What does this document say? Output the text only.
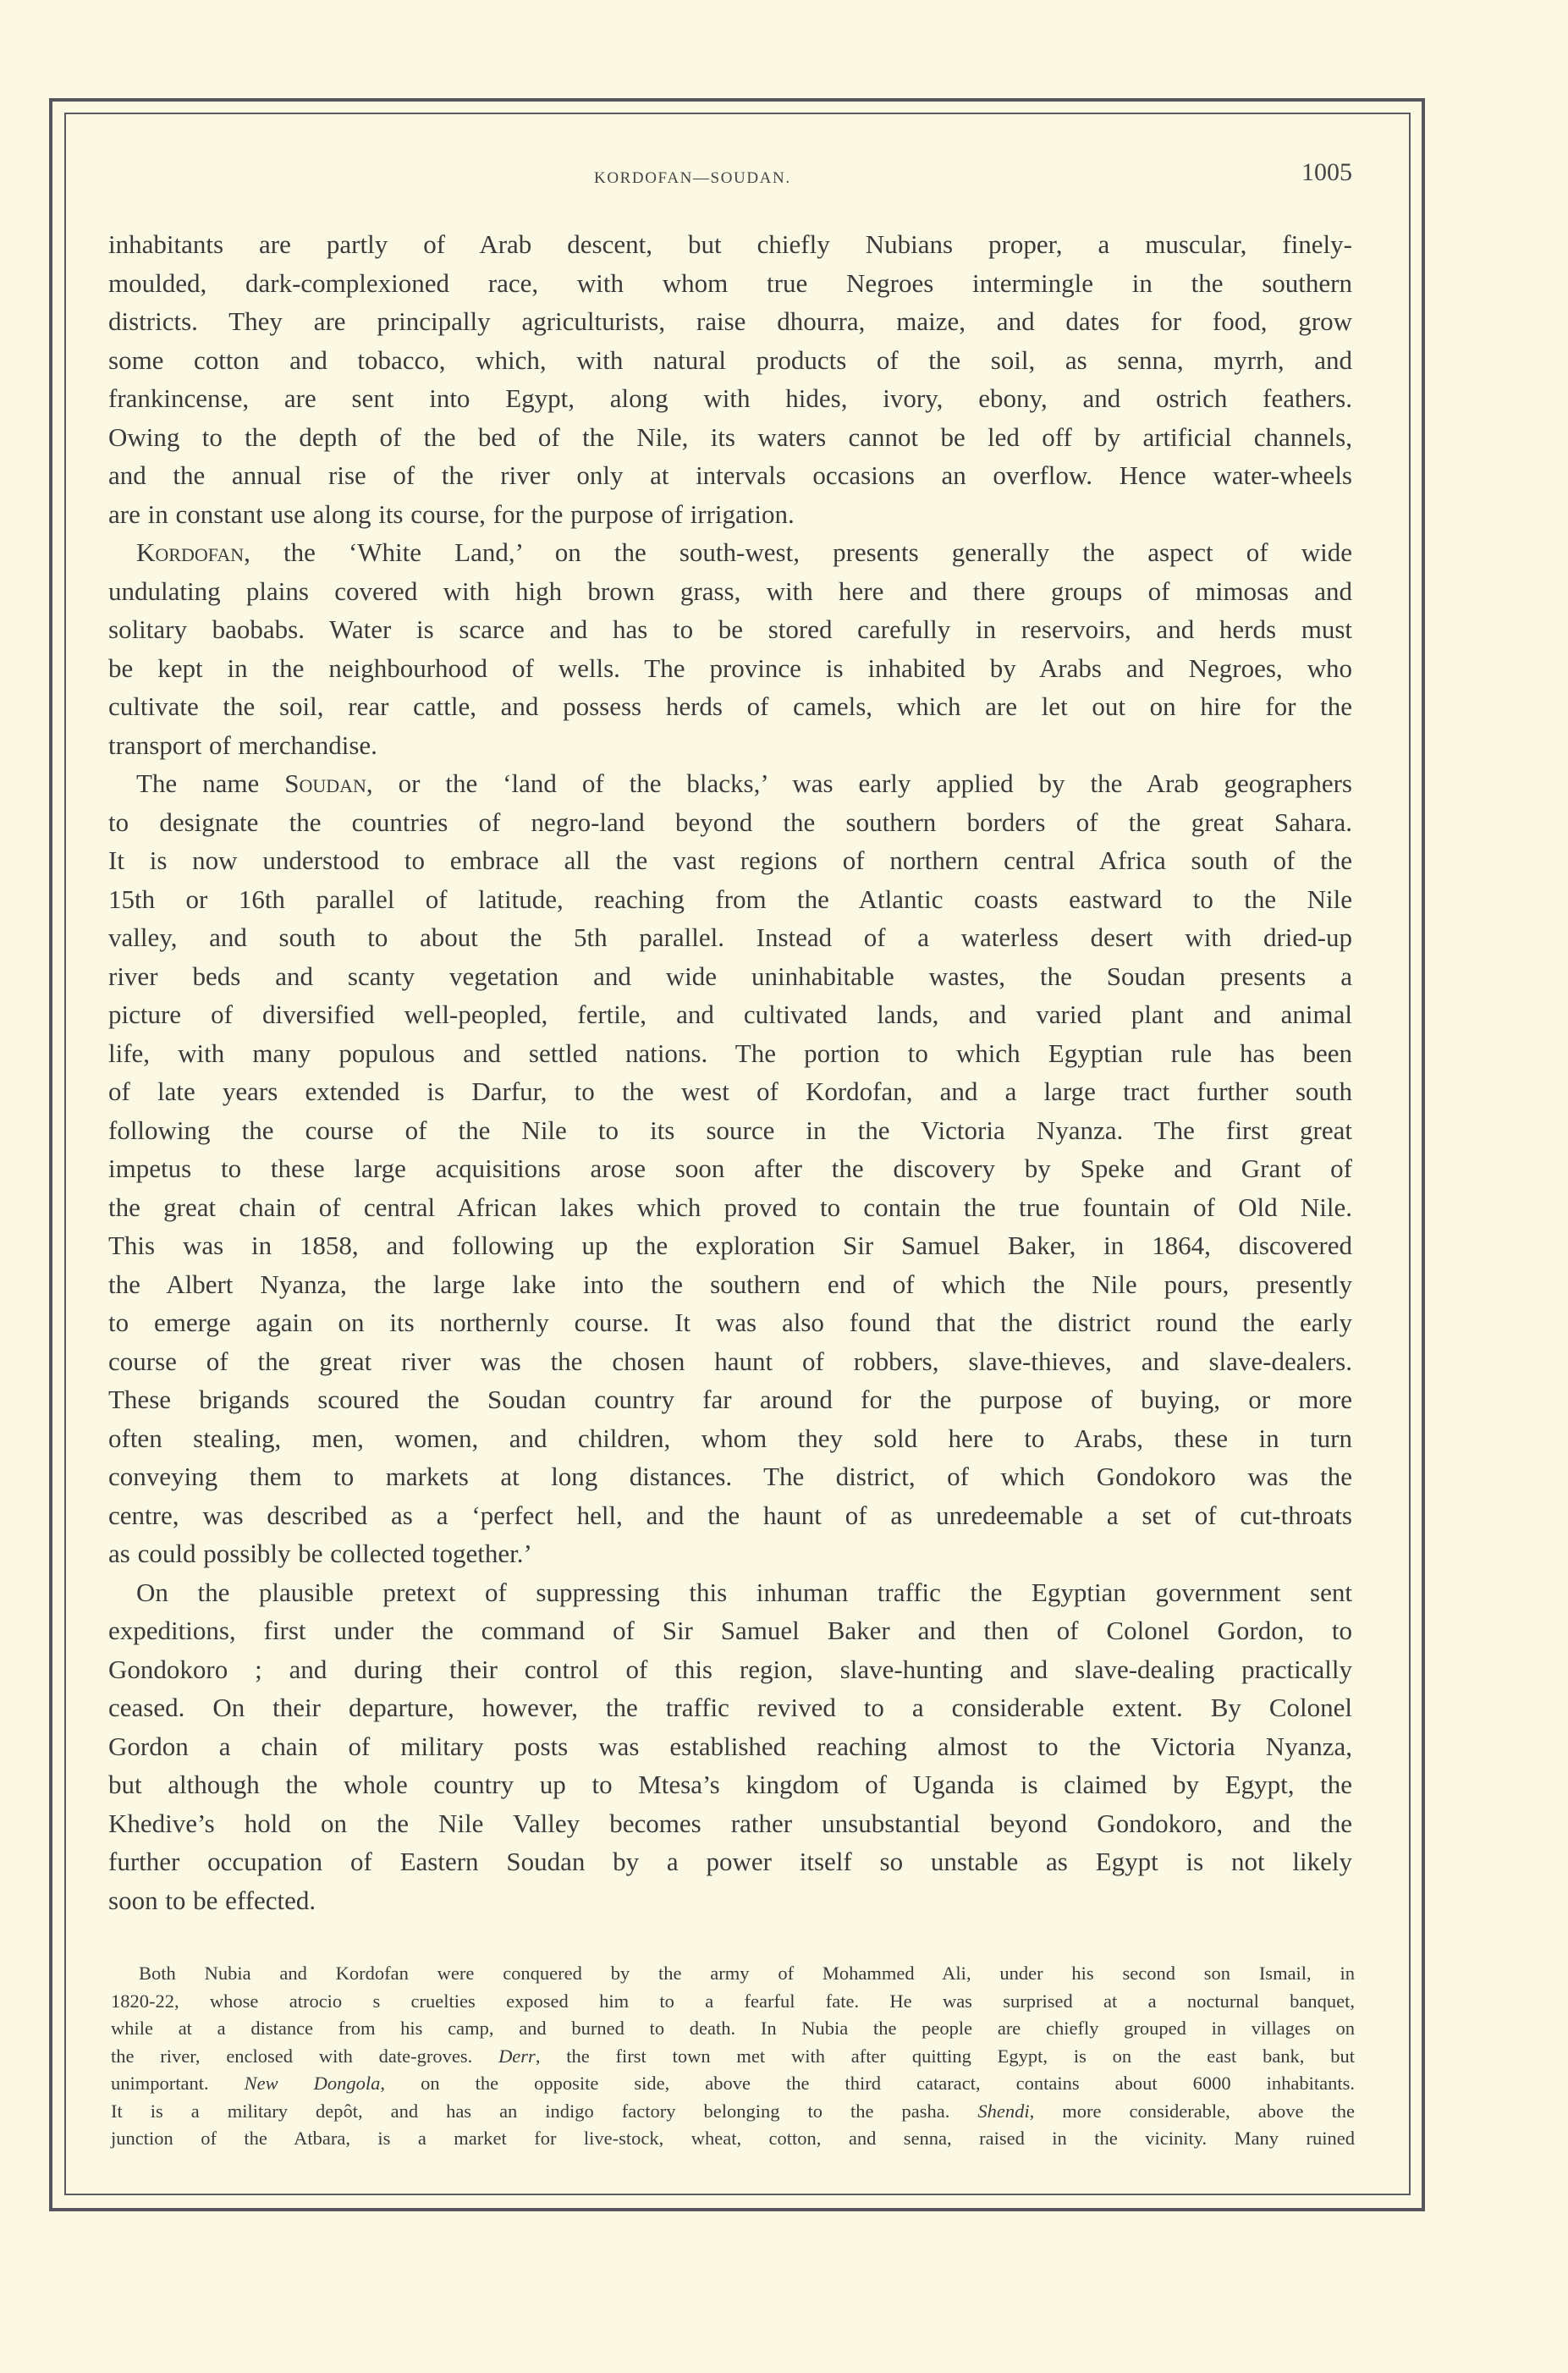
KORDOFAN—SOUDAN.	1005
inhabitants are partly of Arab descent, but chiefly Nubians proper, a muscular, finely-
moulded, dark-complexioned race, with whom true Negroes intermingle in the southern
districts. They are principally agriculturists, raise dhourra, maize, and dates for food, grow
some cotton and tobacco, which, with natural products of the soil, as senna, myrrh, and
frankincense, are sent into Egypt, along with hides, ivory, ebony, and ostrich feathers.
Owing to the depth of the bed of the Nile, its waters cannot be led off by artificial channels,
and the annual rise of the river only at intervals occasions an overflow. Hence water-wheels
are in constant use along its course, for the purpose of irrigation.
Kordofan, the ‘White Land,’ on the south-west, presents generally the aspect of wide
undulating plains covered with high brown grass, with here and there groups of mimosas and
solitary baobabs. Water is scarce and has to be stored carefully in reservoirs, and herds must
be kept in the neighbourhood of wells. The province is inhabited by Arabs and Negroes, who
cultivate the soil, rear cattle, and possess herds of camels, which are let out on hire for the
transport of merchandise.
The name Soudan, or the ‘land of the blacks,’ was early applied by the Arab geographers
to designate the countries of negro-land beyond the southern borders of the great Sahara.
It is now understood to embrace all the vast regions of northern central Africa south of the
15th or 16th parallel of latitude, reaching from the Atlantic coasts eastward to the Nile
valley, and south to about the 5th parallel. Instead of a waterless desert with dried-up
river beds and scanty vegetation and wide uninhabitable wastes, the Soudan presents a
picture of diversified well-peopled, fertile, and cultivated lands, and varied plant and animal
life, with many populous and settled nations. The portion to which Egyptian rule has been
of late years extended is Darfur, to the west of Kordofan, and a large tract further south
following the course of the Nile to its source in the Victoria Nyanza. The first great
impetus to these large acquisitions arose soon after the discovery by Speke and Grant of
the great chain of central African lakes which proved to contain the true fountain of Old Nile.
This was in 1858, and following up the exploration Sir Samuel Baker, in 1864, discovered
the Albert Nyanza, the large lake into the southern end of which the Nile pours, presently
to emerge again on its northernly course. It was also found that the district round the early
course of the great river was the chosen haunt of robbers, slave-thieves, and slave-dealers.
These brigands scoured the Soudan country far around for the purpose of buying, or more
often stealing, men, women, and children, whom they sold here to Arabs, these in turn
conveying them to markets at long distances. The district, of which Gondokoro was the
centre, was described as a ‘perfect hell, and the haunt of as unredeemable a set of cut-throats
as could possibly be collected together.’
On the plausible pretext of suppressing this inhuman traffic the Egyptian government sent
expeditions, first under the command of Sir Samuel Baker and then of Colonel Gordon, to
Gondokoro ; and during their control of this region, slave-hunting and slave-dealing practically
ceased. On their departure, however, the traffic revived to a considerable extent. By Colonel
Gordon a chain of military posts was established reaching almost to the Victoria Nyanza,
but although the whole country up to Mtesa’s kingdom of Uganda is claimed by Egypt, the
Khedive’s hold on the Nile Valley becomes rather unsubstantial beyond Gondokoro, and the
further occupation of Eastern Soudan by a power itself so unstable as Egypt is not likely
soon to be effected.
Both Nubia and Kordofan were conquered by the army of Mohammed Ali, under his second son Ismail, in
1820-22, whose atrocio s cruelties exposed him to a fearful fate. He was surprised at a nocturnal banquet,
while at a distance from his camp, and burned to death. In Nubia the people are chiefly grouped in villages on
the river, enclosed with date-groves. Derr, the first town met with after quitting Egypt, is on the east bank, but
unimportant. New Dongola, on the opposite side, above the third cataract, contains about 6000 inhabitants.
It is a military depôt, and has an indigo factory belonging to the pasha. Shendi, more considerable, above the
junction of the Atbara, is a market for live-stock, wheat, cotton, and senna, raised in the vicinity. Many ruined
